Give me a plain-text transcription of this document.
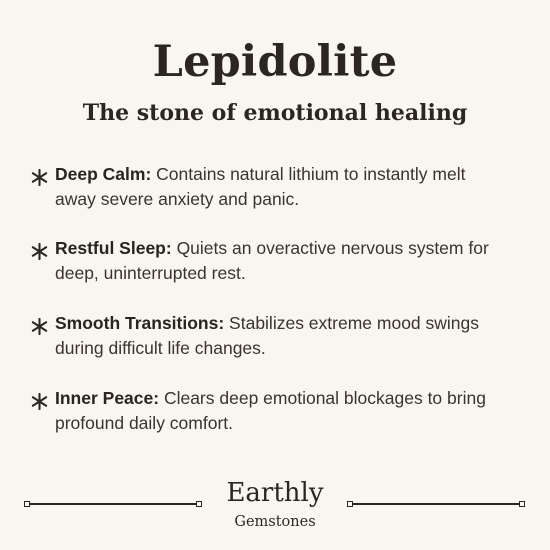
Lepidolite
The stone of emotional healing
Deep Calm: Contains natural lithium to instantly melt away severe anxiety and panic.
Restful Sleep: Quiets an overactive nervous system for deep, uninterrupted rest.
Smooth Transitions: Stabilizes extreme mood swings during difficult life changes.
Inner Peace: Clears deep emotional blockages to bring profound daily comfort.
Earthly
Gemstones
